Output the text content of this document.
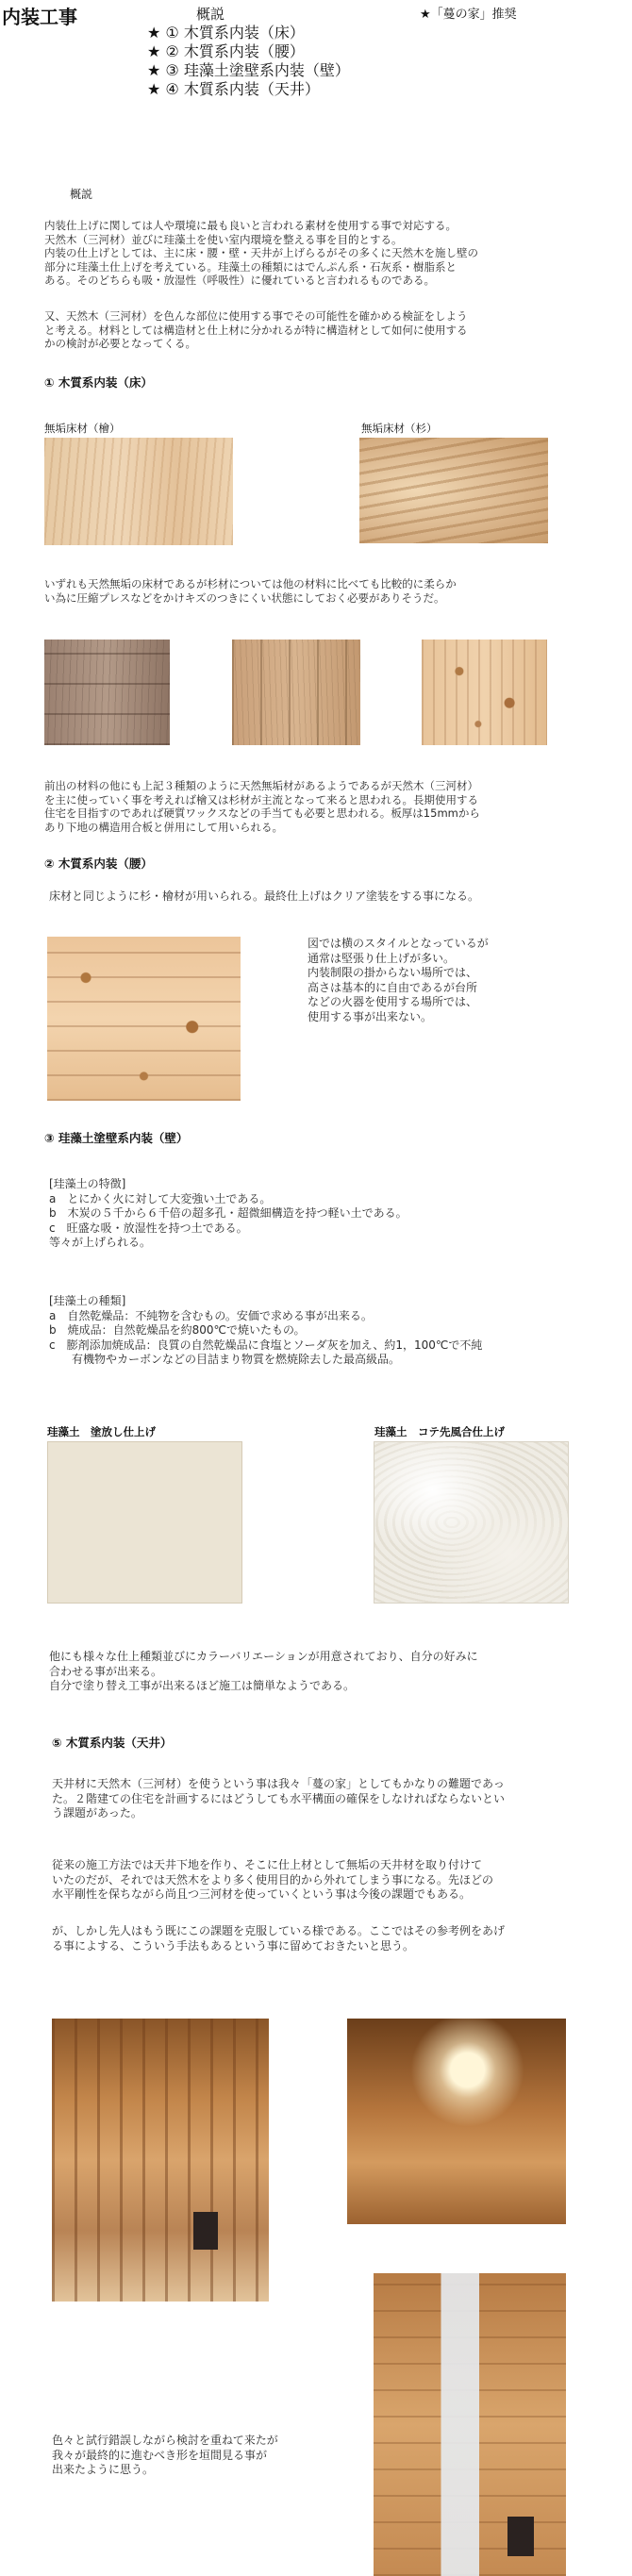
内装工事	概説	★「蔓の家」推奨
★ ① 木質系内装（床）
★ ② 木質系内装（腰）
★ ③ 珪藻土塗壁系内装（壁）
★ ④ 木質系内装（天井）
概説
内装仕上げに関しては人や環境に最も良いと言われる素材を使用する事で対応する。
天然木（三河材）並びに珪藻土を使い室内環境を整える事を目的とする。
内装の仕上げとしては、主に床・腰・壁・天井が上げらるがその多くに天然木を施し壁の
部分に珪藻土仕上げを考えている。珪藻土の種類にはでんぷん系・石灰系・樹脂系と
ある。そのどちらも吸・放湿性（呼吸性）に優れていると言われるものである。
又、天然木（三河材）を色んな部位に使用する事でその可能性を確かめる検証をしよう
と考える。材料としては構造材と仕上材に分かれるが特に構造材として如何に使用する
かの検討が必要となってくる。
① 木質系内装（床）
無垢床材（檜）	無垢床材（杉）
いずれも天然無垢の床材であるが杉材については他の材料に比べても比較的に柔らか
い為に圧縮プレスなどをかけキズのつきにくい状態にしておく必要がありそうだ。
前出の材料の他にも上記３種類のように天然無垢材があるようであるが天然木（三河材）
を主に使っていく事を考えれば檜又は杉材が主流となって来ると思われる。長期使用する
住宅を目指すのであれば硬質ワックスなどの手当ても必要と思われる。板厚は15mmから
あり下地の構造用合板と併用にして用いられる。
② 木質系内装（腰）
床材と同じように杉・檜材が用いられる。最終仕上げはクリア塗装をする事になる。
図では横のスタイルとなっているが
通常は堅張り仕上げが多い。
内装制限の掛からない場所では、
高さは基本的に自由であるが台所
などの火器を使用する場所では、
使用する事が出来ない。
③ 珪藻土塗壁系内装（壁）
[珪藻土の特徴]
a　とにかく火に対して大変強い土である。
b　木炭の５千から６千倍の超多孔・超微細構造を持つ軽い土である。
c　旺盛な吸・放湿性を持つ土である。
等々が上げられる。
[珪藻土の種類]
a　自然乾燥品：不純物を含むもの。安価で求める事が出来る。
b　焼成品：自然乾燥品を約800℃で焼いたもの。
c　膨剤添加焼成品：良質の自然乾燥品に食塩とソーダ灰を加え、約1，100℃で不純
　　有機物やカーボンなどの目詰まり物質を燃焼除去した最高級品。
珪藻土　塗放し仕上げ	珪藻土　コテ先風合仕上げ
他にも様々な仕上種類並びにカラーバリエーションが用意されており、自分の好みに
合わせる事が出来る。
自分で塗り替え工事が出来るほど施工は簡単なようである。
⑤ 木質系内装（天井）
天井材に天然木（三河材）を使うという事は我々「蔓の家」としてもかなりの難題であっ
た。２階建ての住宅を計画するにはどうしても水平構面の確保をしなければならないとい
う課題があった。
従来の施工方法では天井下地を作り、そこに仕上材として無垢の天井材を取り付けて
いたのだが、それでは天然木をより多く使用目的から外れてしまう事になる。先ほどの
水平剛性を保ちながら尚且つ三河材を使っていくという事は今後の課題でもある。
が、しかし先人はもう既にこの課題を克服している様である。ここではその参考例をあげ
る事によする、こういう手法もあるという事に留めておきたいと思う。
色々と試行錯誤しながら検討を重ねて来たが
我々が最終的に進むべき形を垣間見る事が
出来たように思う。
